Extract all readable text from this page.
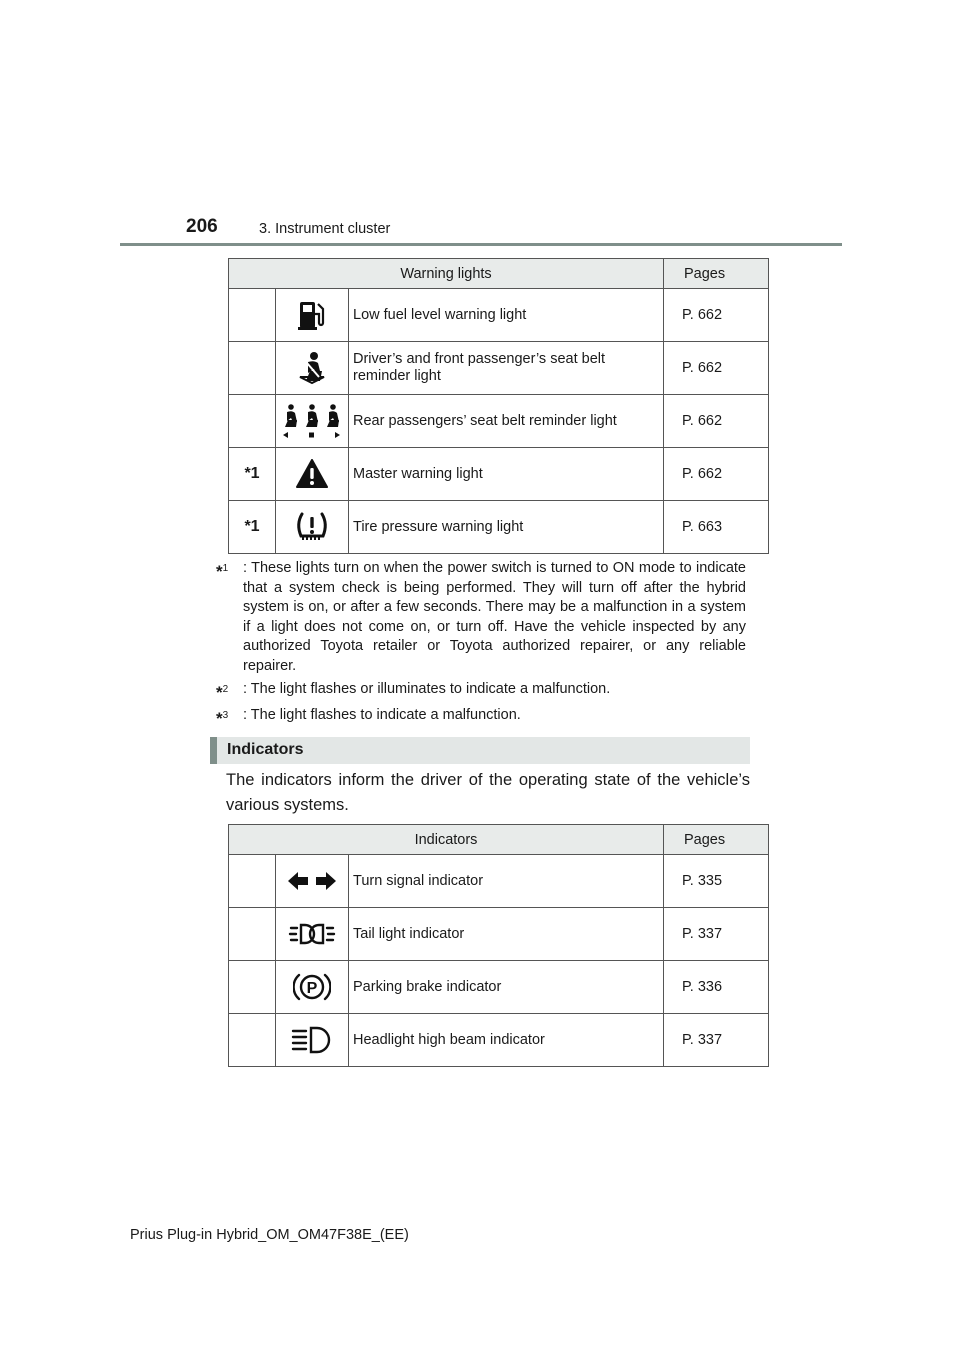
206	3. Instrument cluster
Warning lights			Pages

	Low fuel level warning light	P. 662

	Driver’s and front passenger’s seat belt reminder light	P. 662

	Rear passengers’ seat belt reminder light	P. 662
*1		Master warning light	P. 662
*1		Tire pressure warning light	P. 663
*$^1$	: These lights turn on when the power switch is turned to ON mode to indicate that a system check is being performed. They will turn off after the hybrid system is on, or after a few seconds. There may be a malfunction in a system if a light does not come on, or turn off. Have the vehicle inspected by any authorized Toyota retailer or Toyota authorized repairer, or any reliable repairer.
*$^2$	: The light flashes or illuminates to indicate a malfunction.
*$^3$	: The light flashes to indicate a malfunction.
Indicators
The indicators inform the driver of the operating state of the vehicle’s various systems.
Indicators			Pages

	Turn signal indicator	P. 335

	Tail light indicator	P. 337

P	Parking brake indicator	P. 336

	Headlight high beam indicator	P. 337
Prius Plug-in Hybrid_OM_OM47F38E_(EE)
